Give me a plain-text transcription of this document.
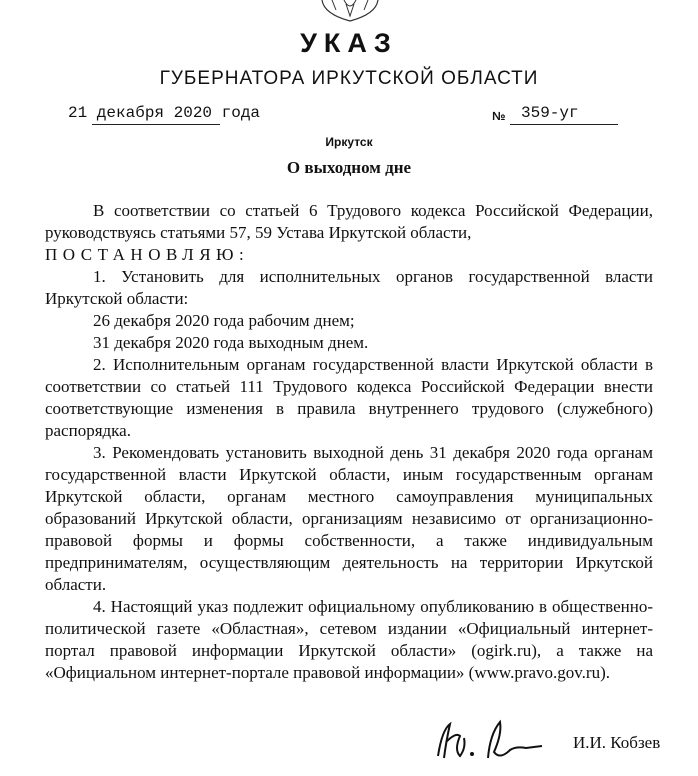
УКАЗ
ГУБЕРНАТОРА ИРКУТСКОЙ ОБЛАСТИ
21 декабря 2020 года	№ 359-уг
Иркутск
О выходном дне

В соответствии со статьей 6 Трудового кодекса Российской Федерации,

руководствуясь статьями 57, 59 Устава Иркутской области,

ПОСТАНОВЛЯЮ:

1. Установить для исполнительных органов государственной власти Иркутской области:

26 декабря 2020 года рабочим днем;

31 декабря 2020 года выходным днем.

2. Исполнительным органам государственной власти Иркутской области в соответствии со статьей 111 Трудового кодекса Российской Федерации внести соответствующие изменения в правила внутреннего трудового (служебного) распорядка.

3. Рекомендовать установить выходной день 31 декабря 2020 года органам государственной власти Иркутской области, иным государственным органам Иркутской области, органам местного самоуправления муниципальных образований Иркутской области, организациям независимо от организационно-правовой формы и формы собственности, а также индивидуальным предпринимателям, осуществляющим деятельность на территории Иркутской области.

4. Настоящий указ подлежит официальному опубликованию в общественно-политической газете «Областная», сетевом издании «Официальный интернет-портал правовой информации Иркутской области» (ogirk.ru), а также на «Официальном интернет-портале правовой информации» (www.pravo.gov.ru).

И.И. Кобзев
